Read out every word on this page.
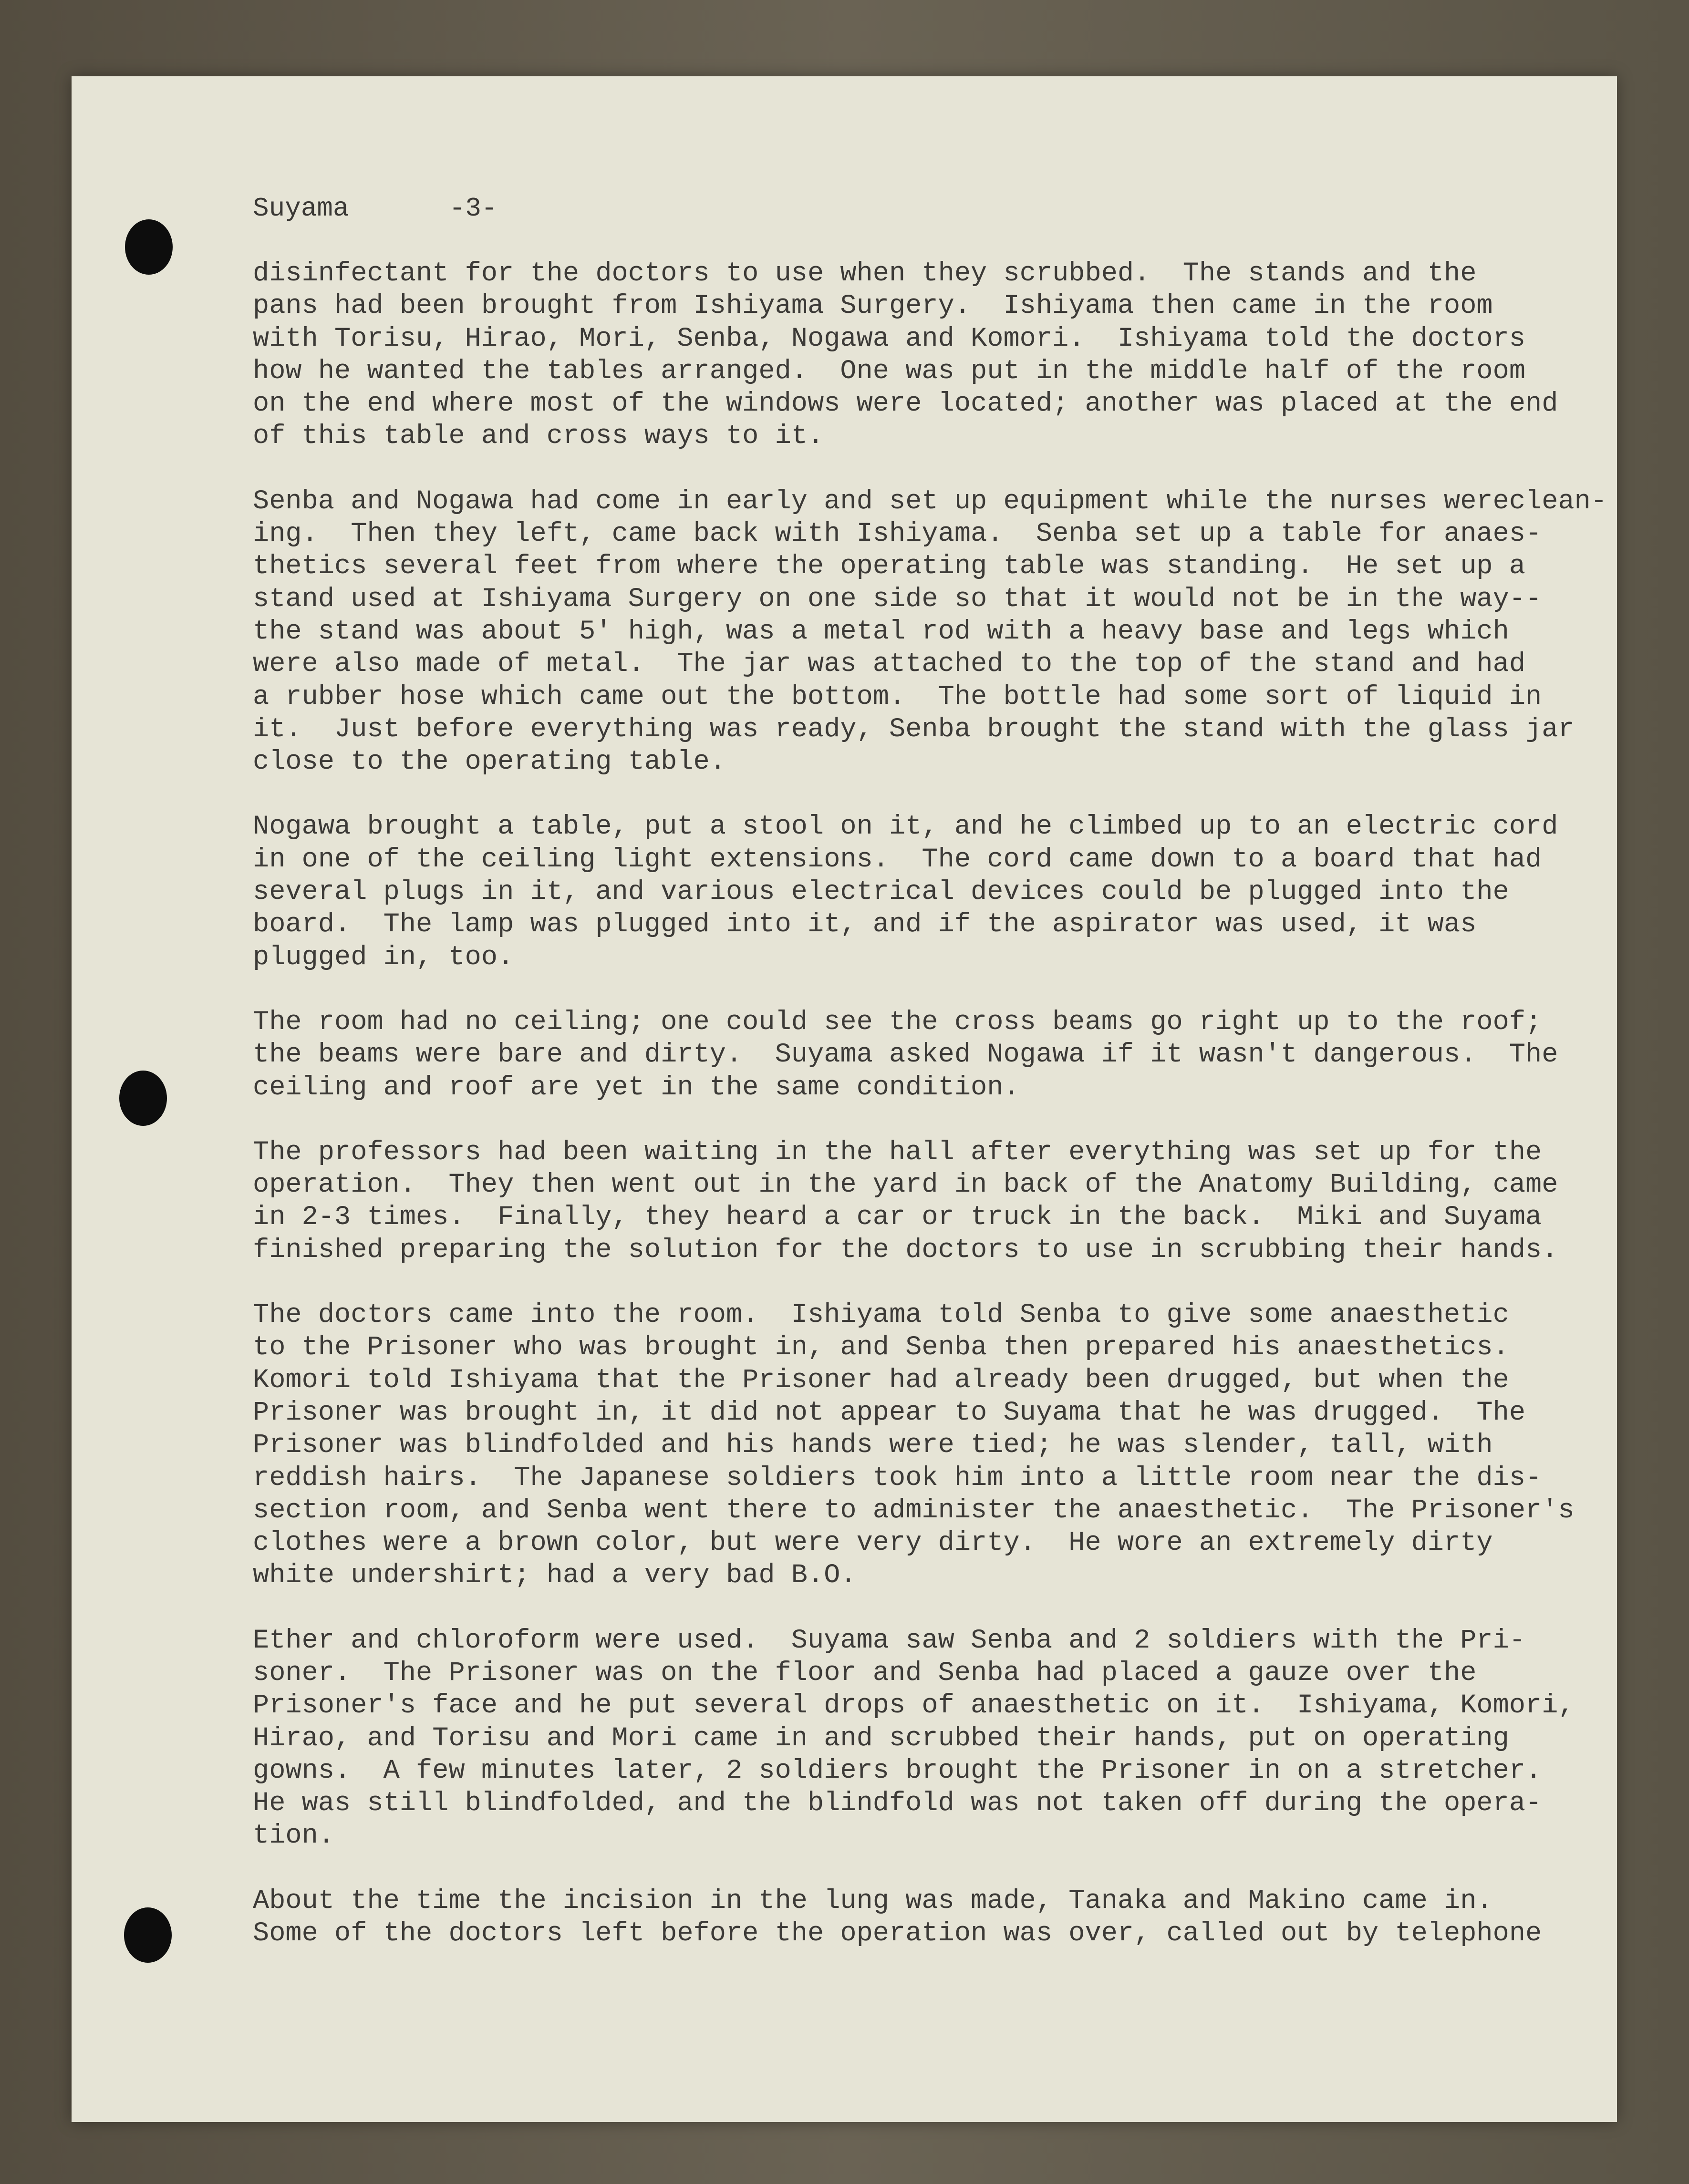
Suyama	-3-
disinfectant for the doctors to use when they scrubbed.  The stands and the
pans had been brought from Ishiyama Surgery.  Ishiyama then came in the room
with Torisu, Hirao, Mori, Senba, Nogawa and Komori.  Ishiyama told the doctors
how he wanted the tables arranged.  One was put in the middle half of the room
on the end where most of the windows were located; another was placed at the end
of this table and cross ways to it.
Senba and Nogawa had come in early and set up equipment while the nurses wereclean-
ing.  Then they left, came back with Ishiyama.  Senba set up a table for anaes-
thetics several feet from where the operating table was standing.  He set up a
stand used at Ishiyama Surgery on one side so that it would not be in the way--
the stand was about 5' high, was a metal rod with a heavy base and legs which
were also made of metal.  The jar was attached to the top of the stand and had
a rubber hose which came out the bottom.  The bottle had some sort of liquid in
it.  Just before everything was ready, Senba brought the stand with the glass jar
close to the operating table.
Nogawa brought a table, put a stool on it, and he climbed up to an electric cord
in one of the ceiling light extensions.  The cord came down to a board that had
several plugs in it, and various electrical devices could be plugged into the
board.  The lamp was plugged into it, and if the aspirator was used, it was
plugged in, too.
The room had no ceiling; one could see the cross beams go right up to the roof;
the beams were bare and dirty.  Suyama asked Nogawa if it wasn't dangerous.  The
ceiling and roof are yet in the same condition.
The professors had been waiting in the hall after everything was set up for the
operation.  They then went out in the yard in back of the Anatomy Building, came
in 2-3 times.  Finally, they heard a car or truck in the back.  Miki and Suyama
finished preparing the solution for the doctors to use in scrubbing their hands.
The doctors came into the room.  Ishiyama told Senba to give some anaesthetic
to the Prisoner who was brought in, and Senba then prepared his anaesthetics.
Komori told Ishiyama that the Prisoner had already been drugged, but when the
Prisoner was brought in, it did not appear to Suyama that he was drugged.  The
Prisoner was blindfolded and his hands were tied; he was slender, tall, with
reddish hairs.  The Japanese soldiers took him into a little room near the dis-
section room, and Senba went there to administer the anaesthetic.  The Prisoner's
clothes were a brown color, but were very dirty.  He wore an extremely dirty
white undershirt; had a very bad B.O.
Ether and chloroform were used.  Suyama saw Senba and 2 soldiers with the Pri-
soner.  The Prisoner was on the floor and Senba had placed a gauze over the
Prisoner's face and he put several drops of anaesthetic on it.  Ishiyama, Komori,
Hirao, and Torisu and Mori came in and scrubbed their hands, put on operating
gowns.  A few minutes later, 2 soldiers brought the Prisoner in on a stretcher.
He was still blindfolded, and the blindfold was not taken off during the opera-
tion.
About the time the incision in the lung was made, Tanaka and Makino came in.
Some of the doctors left before the operation was over, called out by telephone
